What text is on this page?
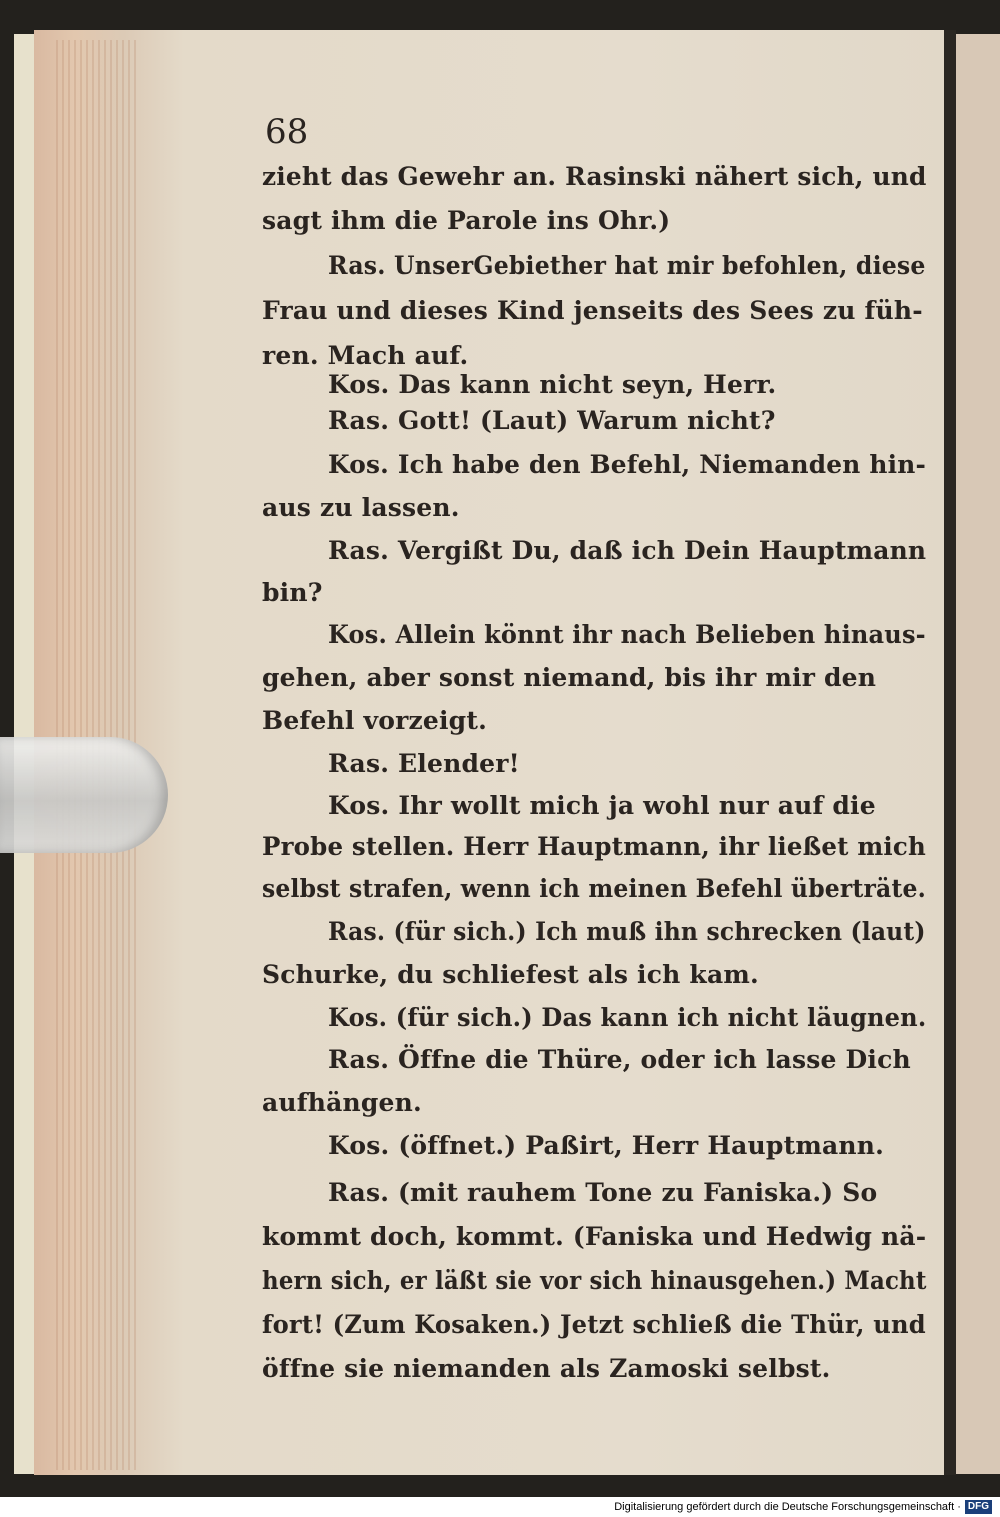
68
zieht das Gewehr an. Rasinski nähert sich, und
sagt ihm die Parole ins Ohr.)
Ras. UnserGebiether hat mir befohlen, diese
Frau und dieses Kind jenseits des Sees zu füh-
ren. Mach auf.
Kos. Das kann nicht seyn, Herr.
Ras. Gott! (Laut) Warum nicht?
Kos. Ich habe den Befehl, Niemanden hin-
aus zu lassen.
Ras. Vergißt Du, daß ich Dein Hauptmann
bin?
Kos. Allein könnt ihr nach Belieben hinaus-
gehen, aber sonst niemand, bis ihr mir den
Befehl vorzeigt.
Ras. Elender!
Kos. Ihr wollt mich ja wohl nur auf die
Probe stellen. Herr Hauptmann, ihr ließet mich
selbst strafen, wenn ich meinen Befehl überträte.
Ras. (für sich.) Ich muß ihn schrecken (laut)
Schurke, du schliefest als ich kam.
Kos. (für sich.) Das kann ich nicht läugnen.
Ras. Öffne die Thüre, oder ich lasse Dich
aufhängen.
Kos. (öffnet.) Paßirt, Herr Hauptmann.
Ras. (mit rauhem Tone zu Faniska.) So
kommt doch, kommt. (Faniska und Hedwig nä-
hern sich, er läßt sie vor sich hinausgehen.) Macht
fort! (Zum Kosaken.) Jetzt schließ die Thür, und
öffne sie niemanden als Zamoski selbst.
Digitalisierung gefördert durch die Deutsche Forschungsgemeinschaft · DFG
